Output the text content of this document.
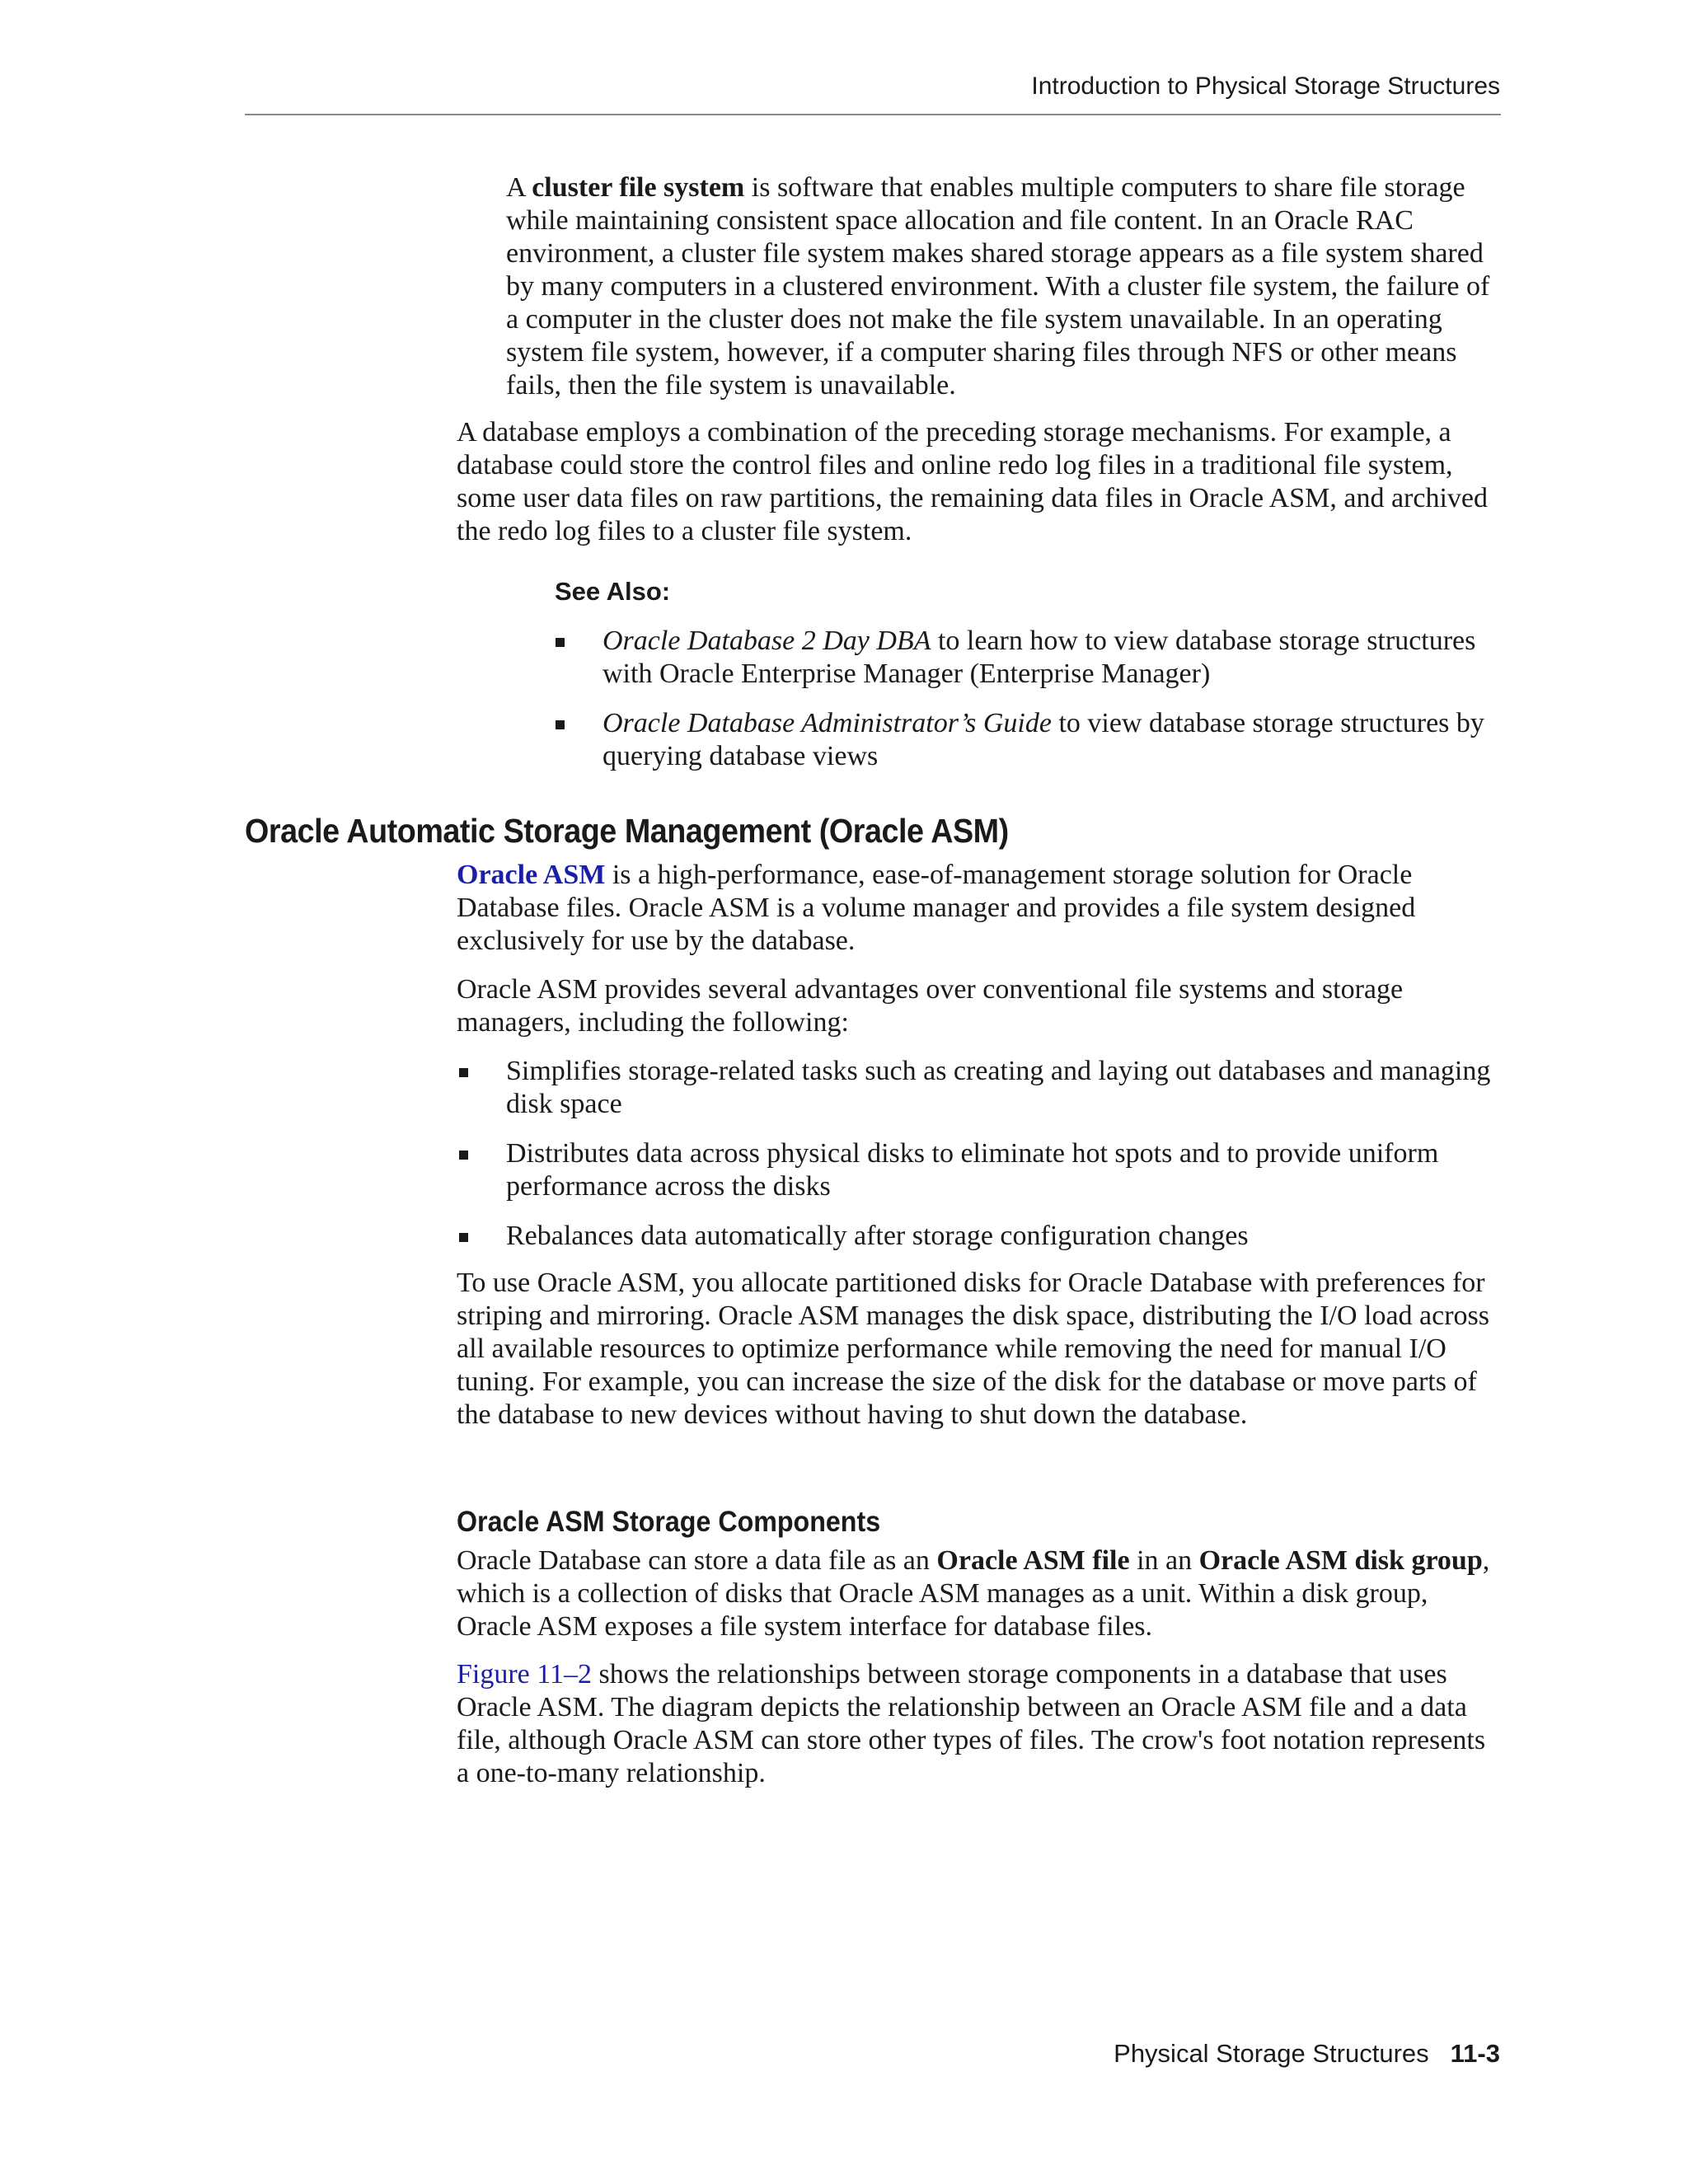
Introduction to Physical Storage Structures

A cluster file system is software that enables multiple computers to share file storage while maintaining consistent space allocation and file content. In an Oracle RAC environment, a cluster file system makes shared storage appears as a file system shared by many computers in a clustered environment. With a cluster file system, the failure of a computer in the cluster does not make the file system unavailable. In an operating system file system, however, if a computer sharing files through NFS or other means fails, then the file system is unavailable.

A database employs a combination of the preceding storage mechanisms. For example, a database could store the control files and online redo log files in a traditional file system, some user data files on raw partitions, the remaining data files in Oracle ASM, and archived the redo log files to a cluster file system.

See Also:
Oracle Database 2 Day DBA to learn how to view database storage structures with Oracle Enterprise Manager (Enterprise Manager)
Oracle Database Administrator’s Guide to view database storage structures by querying database views
Oracle Automatic Storage Management (Oracle ASM)

Oracle ASM is a high-performance, ease-of-management storage solution for Oracle Database files. Oracle ASM is a volume manager and provides a file system designed exclusively for use by the database.

Oracle ASM provides several advantages over conventional file systems and storage managers, including the following:

Simplifies storage-related tasks such as creating and laying out databases and managing disk space
Distributes data across physical disks to eliminate hot spots and to provide uniform performance across the disks
Rebalances data automatically after storage configuration changes

To use Oracle ASM, you allocate partitioned disks for Oracle Database with preferences for striping and mirroring. Oracle ASM manages the disk space, distributing the I/O load across all available resources to optimize performance while removing the need for manual I/O tuning. For example, you can increase the size of the disk for the database or move parts of the database to new devices without having to shut down the database.

Oracle ASM Storage Components

Oracle Database can store a data file as an Oracle ASM file in an Oracle ASM disk group, which is a collection of disks that Oracle ASM manages as a unit. Within a disk group, Oracle ASM exposes a file system interface for database files.

Figure 11–2 shows the relationships between storage components in a database that uses Oracle ASM. The diagram depicts the relationship between an Oracle ASM file and a data file, although Oracle ASM can store other types of files. The crow's foot notation represents a one-to-many relationship.

Physical Storage Structures 11-3
